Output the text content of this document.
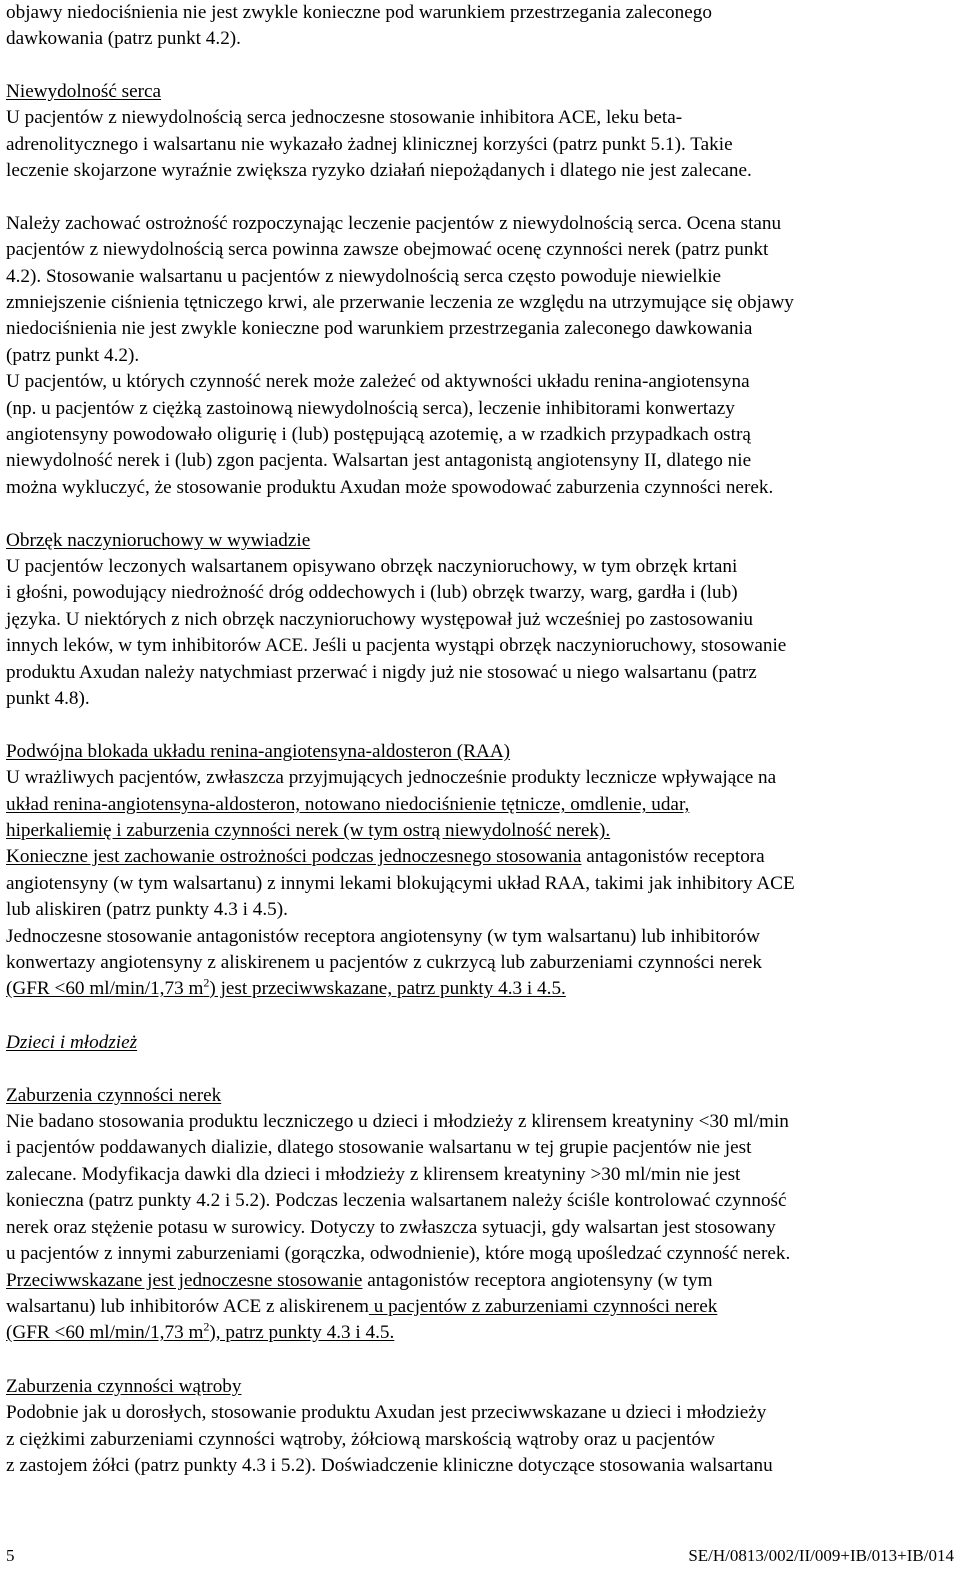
objawy niedociśnienia nie jest zwykle konieczne pod warunkiem przestrzegania zaleconego
dawkowania (patrz punkt 4.2).
Niewydolność serca
U pacjentów z niewydolnością serca jednoczesne stosowanie inhibitora ACE, leku beta-
adrenolitycznego i walsartanu nie wykazało żadnej klinicznej korzyści (patrz punkt 5.1). Takie
leczenie skojarzone wyraźnie zwiększa ryzyko działań niepożądanych i dlatego nie jest zalecane.
Należy zachować ostrożność rozpoczynając leczenie pacjentów z niewydolnością serca. Ocena stanu
pacjentów z niewydolnością serca powinna zawsze obejmować ocenę czynności nerek (patrz punkt
4.2). Stosowanie walsartanu u pacjentów z niewydolnością serca często powoduje niewielkie
zmniejszenie ciśnienia tętniczego krwi, ale przerwanie leczenia ze względu na utrzymujące się objawy
niedociśnienia nie jest zwykle konieczne pod warunkiem przestrzegania zaleconego dawkowania
(patrz punkt 4.2).
U pacjentów, u których czynność nerek może zależeć od aktywności układu renina-angiotensyna
(np. u pacjentów z ciężką zastoinową niewydolnością serca), leczenie inhibitorami konwertazy
angiotensyny powodowało oligurię i (lub) postępującą azotemię, a w rzadkich przypadkach ostrą
niewydolność nerek i (lub) zgon pacjenta. Walsartan jest antagonistą angiotensyny II, dlatego nie
można wykluczyć, że stosowanie produktu Axudan może spowodować zaburzenia czynności nerek.
Obrzęk naczynioruchowy w wywiadzie
U pacjentów leczonych walsartanem opisywano obrzęk naczynioruchowy, w tym obrzęk krtani
i głośni, powodujący niedrożność dróg oddechowych i (lub) obrzęk twarzy, warg, gardła i (lub)
języka. U niektórych z nich obrzęk naczynioruchowy występował już wcześniej po zastosowaniu
innych leków, w tym inhibitorów ACE. Jeśli u pacjenta wystąpi obrzęk naczynioruchowy, stosowanie
produktu Axudan należy natychmiast przerwać i nigdy już nie stosować u niego walsartanu (patrz
punkt 4.8).
Podwójna blokada układu renina-angiotensyna-aldosteron (RAA)
U wrażliwych pacjentów, zwłaszcza przyjmujących jednocześnie produkty lecznicze wpływające na
układ renina-angiotensyna-aldosteron, notowano niedociśnienie tętnicze, omdlenie, udar,
hiperkaliemię i zaburzenia czynności nerek (w tym ostrą niewydolność nerek).
Konieczne jest zachowanie ostrożności podczas jednoczesnego stosowania antagonistów receptora
angiotensyny (w tym walsartanu) z innymi lekami blokującymi układ RAA, takimi jak inhibitory ACE
lub aliskiren (patrz punkty 4.3 i 4.5).
Jednoczesne stosowanie antagonistów receptora angiotensyny (w tym walsartanu) lub inhibitorów
konwertazy angiotensyny z aliskirenem u pacjentów z cukrzycą lub zaburzeniami czynności nerek
(GFR <60 ml/min/1,73 $m^2$) jest przeciwwskazane, patrz punkty 4.3 i 4.5.
Dzieci i młodzież
Zaburzenia czynności nerek
Nie badano stosowania produktu leczniczego u dzieci i młodzieży z klirensem kreatyniny <30 ml/min
i pacjentów poddawanych dializie, dlatego stosowanie walsartanu w tej grupie pacjentów nie jest
zalecane. Modyfikacja dawki dla dzieci i młodzieży z klirensem kreatyniny >30 ml/min nie jest
konieczna (patrz punkty 4.2 i 5.2). Podczas leczenia walsartanem należy ściśle kontrolować czynność
nerek oraz stężenie potasu w surowicy. Dotyczy to zwłaszcza sytuacji, gdy walsartan jest stosowany
u pacjentów z innymi zaburzeniami (gorączka, odwodnienie), które mogą upośledzać czynność nerek.
Przeciwwskazane jest jednoczesne stosowanie antagonistów receptora angiotensyny (w tym
walsartanu) lub inhibitorów ACE z aliskirenem u pacjentów z zaburzeniami czynności nerek
(GFR <60 ml/min/1,73 $m^2$), patrz punkty 4.3 i 4.5.
Zaburzenia czynności wątroby
Podobnie jak u dorosłych, stosowanie produktu Axudan jest przeciwwskazane u dzieci i młodzieży
z ciężkimi zaburzeniami czynności wątroby, żółciową marskością wątroby oraz u pacjentów
z zastojem żółci (patrz punkty 4.3 i 5.2). Doświadczenie kliniczne dotyczące stosowania walsartanu
5	SE/H/0813/002/II/009+IB/013+IB/014
